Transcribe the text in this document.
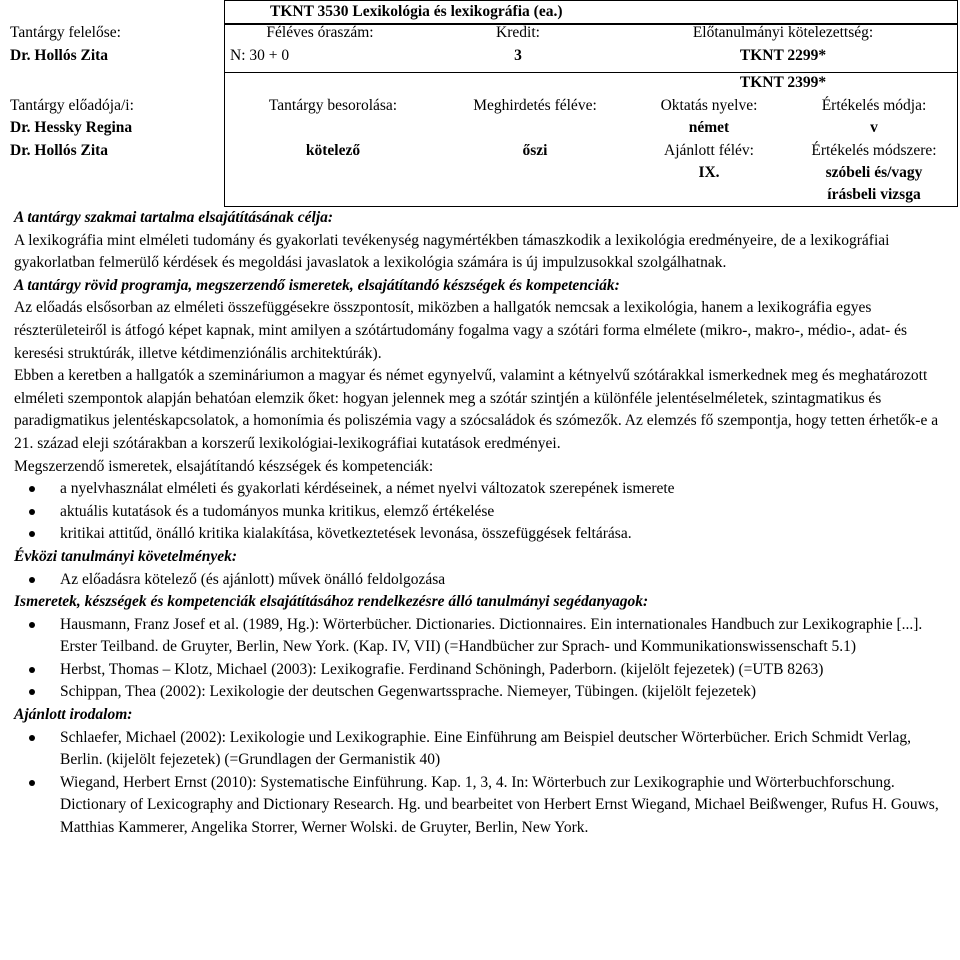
Tantárgy felelőse:
Dr. Hollós Zita
Tantárgy előadója/i:
Dr. Hessky Regina
Dr. Hollós Zita
TKNT 3530 Lexikológia és lexikográfia (ea.)
Féléves óraszám:
N: 30 + 0
Kredit:
3
Előtanulmányi kötelezettség:
TKNT 2299*
TKNT 2399*
Tantárgy besorolása:
kötelező
Meghirdetés féléve:
őszi
Oktatás nyelve:
német
Ajánlott félév:
IX.
Értékelés módja:
v
Értékelés módszere:
szóbeli és/vagy
írásbeli vizsga

A tantárgy szakmai tartalma elsajátításának célja:

A lexikográfia mint elméleti tudomány és gyakorlati tevékenység nagymértékben támaszkodik a lexikológia eredményeire, de a lexikográfiai gyakorlatban felmerülő kérdések és megoldási javaslatok a lexikológia számára is új impulzusokkal szolgálhatnak.

A tantárgy rövid programja, megszerzendő ismeretek, elsajátítandó készségek és kompetenciák:

Az előadás elsősorban az elméleti összefüggésekre összpontosít, miközben a hallgatók nemcsak a lexikológia, hanem a lexikográfia egyes részterületeiről is átfogó képet kapnak, mint amilyen a szótártudomány fogalma vagy a szótári forma elmélete (mikro-, makro-, médio-, adat- és keresési struktúrák, illetve kétdimenziónális architektúrák).

Ebben a keretben a hallgatók a szemináriumon a magyar és német egynyelvű, valamint a kétnyelvű szótárakkal ismerkednek meg és meghatározott elméleti szempontok alapján behatóan elemzik őket: hogyan jelennek meg a szótár szintjén a különféle jelentéselméletek, szintagmatikus és paradigmatikus jelentéskapcsolatok, a homonímia és poliszémia vagy a szócsaládok és szómezők. Az elemzés fő szempontja, hogy tetten érhetők-e a 21. század eleji szótárakban a korszerű lexikológiai-lexikográfiai kutatások eredményei.

Megszerzendő ismeretek, elsajátítandó készségek és kompetenciák:

a nyelvhasználat elméleti és gyakorlati kérdéseinek, a német nyelvi változatok szerepének ismerete
aktuális kutatások és a tudományos munka kritikus, elemző értékelése
kritikai attitűd, önálló kritika kialakítása, következtetések levonása, összefüggések feltárása.

Évközi tanulmányi követelmények:

Az előadásra kötelező (és ajánlott) művek önálló feldolgozása

Ismeretek, készségek és kompetenciák elsajátításához rendelkezésre álló tanulmányi segédanyagok:

Hausmann, Franz Josef et al. (1989, Hg.): Wörterbücher. Dictionaries. Dictionnaires. Ein internationales Handbuch zur Lexikographie [...]. Erster Teilband. de Gruyter, Berlin, New York. (Kap. IV, VII) (=Handbücher zur Sprach- und Kommunikationswissenschaft 5.1)
Herbst, Thomas – Klotz, Michael (2003): Lexikografie. Ferdinand Schöningh, Paderborn. (kijelölt fejezetek) (=UTB 8263)
Schippan, Thea (2002): Lexikologie der deutschen Gegenwartssprache. Niemeyer, Tübingen. (kijelölt fejezetek)

Ajánlott irodalom:

Schlaefer, Michael (2002): Lexikologie und Lexikographie. Eine Einführung am Beispiel deutscher Wörterbücher. Erich Schmidt Verlag, Berlin. (kijelölt fejezetek) (=Grundlagen der Germanistik 40)
Wiegand, Herbert Ernst (2010): Systematische Einführung. Kap. 1, 3, 4. In: Wörterbuch zur Lexikographie und Wörterbuchforschung. Dictionary of Lexicography and Dictionary Research. Hg. und bearbeitet von Herbert Ernst Wiegand, Michael Beißwenger, Rufus H. Gouws, Matthias Kammerer, Angelika Storrer, Werner Wolski. de Gruyter, Berlin, New York.
